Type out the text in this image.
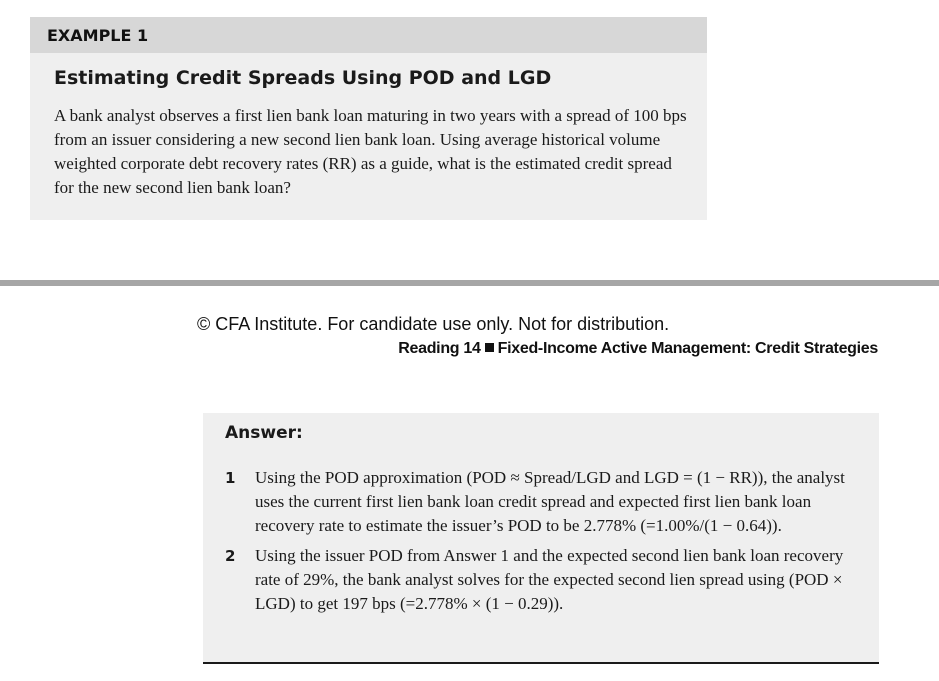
EXAMPLE 1
Estimating Credit Spreads Using POD and LGD
A bank analyst observes a first lien bank loan maturing in two years with a spread of 100 bps from an issuer considering a new second lien bank loan. Using average historical volume weighted corporate debt recovery rates (RR) as a guide, what is the estimated credit spread for the new second lien bank loan?
© CFA Institute. For candidate use only. Not for distribution.
Reading 14 Fixed-Income Active Management: Credit Strategies
Answer:
1 Using the POD approximation (POD ≈ Spread/LGD and LGD = (1 − RR)), the analyst uses the current first lien bank loan credit spread and expected first lien bank loan recovery rate to estimate the issuer’s POD to be 2.778% (=1.00%/(1 − 0.64)).
2 Using the issuer POD from Answer 1 and the expected second lien bank loan recovery rate of 29%, the bank analyst solves for the expected second lien spread using (POD × LGD) to get 197 bps (=2.778% × (1 − 0.29)).
